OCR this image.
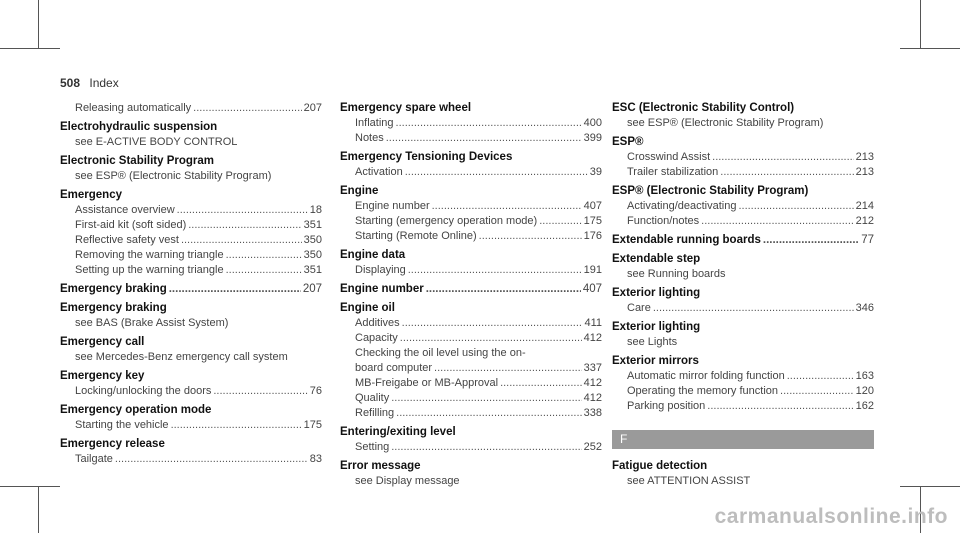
508 Index
Releasing automatically .....	207
Electrohydraulic suspension
see E-ACTIVE BODY CONTROL
Electronic Stability Program
see ESP® (Electronic Stability Program)
Emergency
Assistance overview .....	18
First-aid kit (soft sided) .....	351
Reflective safety vest .....	350
Removing the warning triangle .....	350
Setting up the warning triangle .....	351
Emergency braking .....	207
Emergency braking
see BAS (Brake Assist System)
Emergency call
see Mercedes-Benz emergency call system
Emergency key
Locking/unlocking the doors .....	76
Emergency operation mode
Starting the vehicle .....	175
Emergency release
Tailgate .....	83
Emergency spare wheel
Inflating .....	400
Notes .....	399
Emergency Tensioning Devices
Activation .....	39
Engine
Engine number .....	407
Starting (emergency operation mode) .....	175
Starting (Remote Online) .....	176
Engine data
Displaying .....	191
Engine number .....	407
Engine oil
Additives .....	411
Capacity .....	412
Checking the oil level using the on-
board computer .....	337
MB-Freigabe or MB-Approval .....	412
Quality .....	412
Refilling .....	338
Entering/exiting level
Setting .....	252
Error message
see Display message
ESC (Electronic Stability Control)
see ESP® (Electronic Stability Program)
ESP®
Crosswind Assist .....	213
Trailer stabilization .....	213
ESP® (Electronic Stability Program)
Activating/deactivating .....	214
Function/notes .....	212
Extendable running boards .....	77
Extendable step
see Running boards
Exterior lighting
Care .....	346
Exterior lighting
see Lights
Exterior mirrors
Automatic mirror folding function .....	163
Operating the memory function .....	120
Parking position .....	162
F
Fatigue detection
see ATTENTION ASSIST
carmanualsonline.info
